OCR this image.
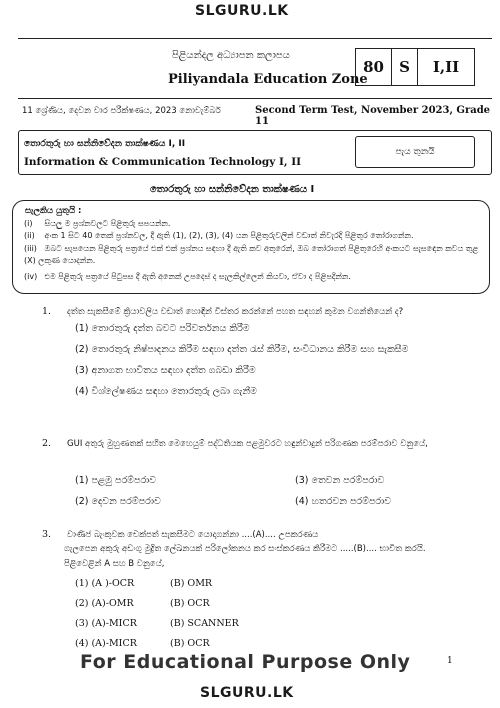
SLGURU.LK
පිළියන්දල අධ්‍යාපන කලාපය
Piliyandala Education Zone
80	S	I,II
11 ශ්‍රේණිය, දෙවන වාර පරීක්ෂණය, 2023 නොවැම්බර්	Second Term Test, November 2023, Grade 11
තොරතුරු හා සන්නිවේදන තාක්ෂණය I, II
Information & Communication Technology I, II
පැය තුනයි
තොරතුරු හා සන්නිවේදන තාක්ෂණය I
සැලකිය යුතුයි :
(i) සියලු ම ප්‍රශ්නවලට පිළිතුරු සපයන්න.
(ii) අංක 1 සිට 40 තෙක් ප්‍රශ්නවල, දී ඇති (1), (2), (3), (4) යන පිළිතුරුවලින් වඩාත් නිවැරදි පිළිතුර තෝරාගන්න.
(iii) ඔබට සැපයෙන පිළිතුරු පත්‍රයේ එක් එක් ප්‍රශ්නය සඳහා දී ඇති කව අතුරෙන්, ඔබ තෝරාගත් පිළිතුරෙහි අංකයට සැසඳෙන කවය තුළ (X) ලකුණ යොදන්න.
(iv) එම පිළිතුරු පත්‍රයේ පිටුපස දී ඇති අනෙක් උපදෙස් ද සැලකිල්ලෙන් කියවා, ඒවා ද පිළිපදින්න.
1. දත්ත සැකසීමේ ක්‍රියාවලිය වඩාත් හොඳින් විස්තර කරන්නේ පහත සඳහන් කුමන වගන්තියෙන් ද?
(1) තොරතුරු දත්ත බවට පරිවර්තනය කිරීම
(2) තොරතුරු නිෂ්පාදනය කිරීම සඳහා දත්ත රැස් කිරීම, සංවිධානය කිරීම සහ සැකසීම
(3) අනාගත භාවිතය සඳහා දත්ත ගබඩා කිරීම
(4) විශ්ලේෂණය සඳහා තොරතුරු ලබා ගැනීම
2. GUI අතුරු මුහුණතක් සහිත මෙහෙයුම් පද්ධතියක පළමුවරට හඳුන්වාදුන් පරිගණක පරම්පරාව වනුයේ,
(1) පළමු පරම්පරාව
(2) දෙවන පරම්පරාව
(3) තෙවන පරම්පරාව
(4) හතරවන පරම්පරාව
3. වාණිජ බැංකුවක චෙක්පත් සැකසීමට යොදාගන්නා ....(A).... උපකරණය
ගැලපෙන අකුරු අඩංගු මුද්‍රිත ලේඛනයක් පරිලෝකනය කර සංස්කරණය කිරීමට .....(B).... භාවිත කරයි.
පිළිවෙළින් A සහ B වනුයේ,
(1) (A )-OCR	(B) OMR
(2) (A)-OMR	(B) OCR
(3) (A)-MICR	(B) SCANNER
(4) (A)-MICR	(B) OCR
For Educational Purpose Only	1
SLGURU.LK
